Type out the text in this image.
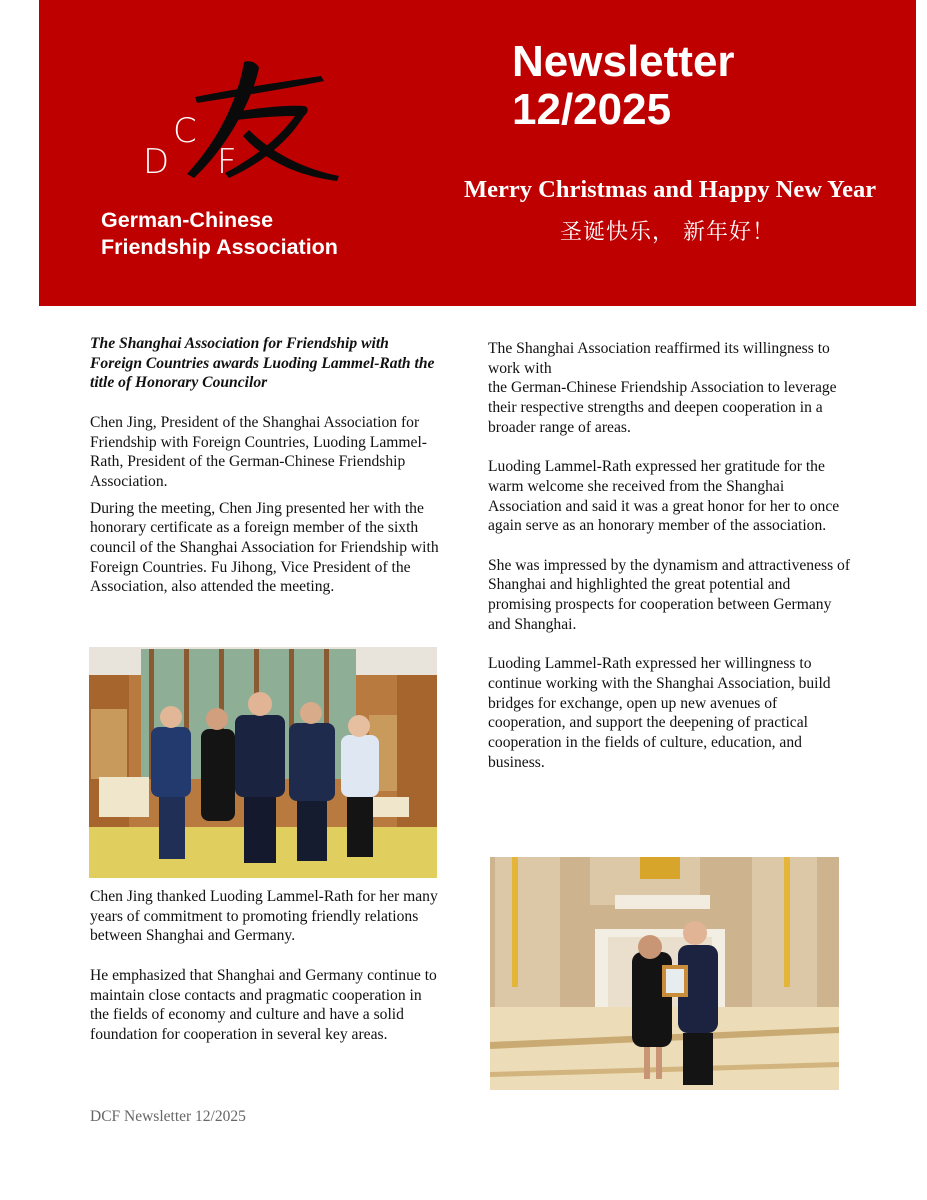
D
C
F
Newsletter
12/2025
Merry Christmas and Happy New Year
圣诞快乐， 新年好！
German-Chinese
Friendship Association

The Shanghai Association for Friendship with Foreign Countries awards Luoding Lammel-Rath the title of Honorary Councilor

Chen Jing, President of the Shanghai Association for Friendship with Foreign Countries, Luoding Lammel-Rath, President of the German-Chinese Friendship Association.

During the meeting, Chen Jing presented her with the honorary certificate as a foreign member of the sixth council of the Shanghai Association for Friendship with Foreign Countries. Fu Jihong, Vice President of the Association, also attended the meeting.

Chen Jing thanked Luoding Lammel-Rath for her many years of commitment to promoting friendly relations between Shanghai and Germany.

He emphasized that Shanghai and Germany continue to maintain close contacts and pragmatic cooperation in the fields of economy and culture and have a solid foundation for cooperation in several key areas.

The Shanghai Association reaffirmed its willingness to work with

the German-Chinese Friendship Association to leverage their respective strengths and deepen cooperation in a broader range of areas.

Luoding Lammel-Rath expressed her gratitude for the warm welcome she received from the Shanghai Association and said it was a great honor for her to once again serve as an honorary member of the association.

She was impressed by the dynamism and attractiveness of Shanghai and highlighted the great potential and promising prospects for cooperation between Germany and Shanghai.

Luoding Lammel-Rath expressed her willingness to continue working with the Shanghai Association, build bridges for exchange, open up new avenues of cooperation, and support the deepening of practical cooperation in the fields of culture, education, and business.

DCF Newsletter 12/2025
